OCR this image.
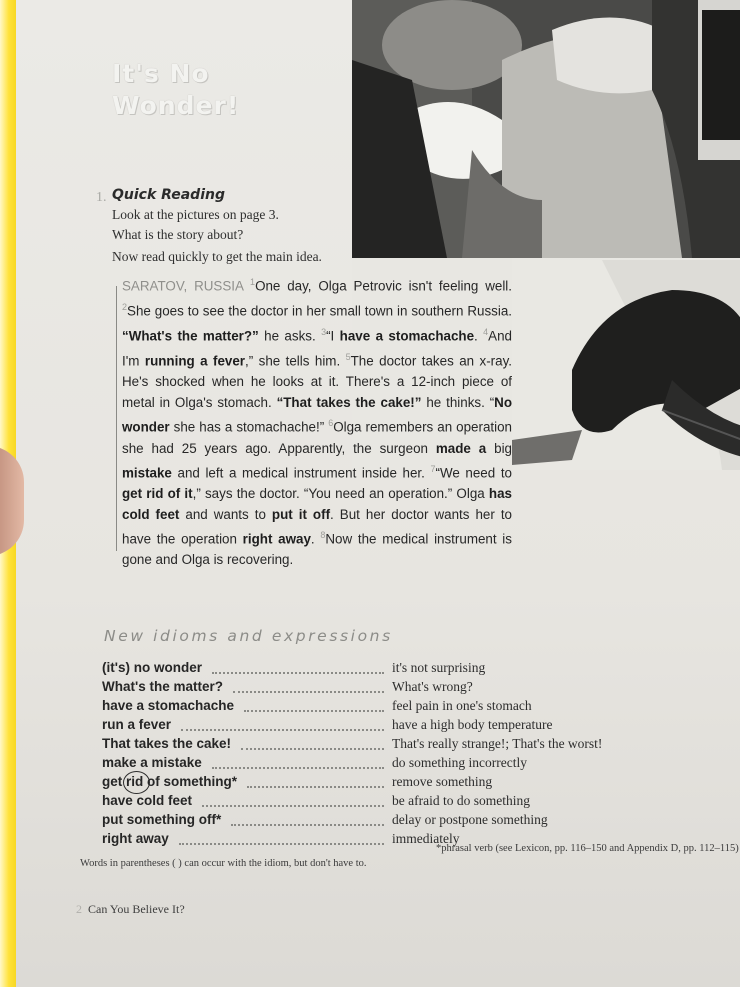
It's No
Wonder!
1. Quick Reading
Look at the pictures on page 3.
What is the story about?
Now read quickly to get the main idea.
SARATOV, RUSSIA $^1$One day, Olga Petrovic isn't feeling well. $^2$She goes to see the doctor in her small town in southern Russia. “What's the matter?” he asks. $^3$“I have a stomachache. $^4$And I'm running a fever,” she tells him. $^5$The doctor takes an x-ray. He's shocked when he looks at it. There's a 12-inch piece of metal in Olga's stomach. “That takes the cake!” he thinks. “No wonder she has a stomachache!” $^6$Olga remembers an operation she had 25 years ago. Apparently, the surgeon made a big mistake and left a medical instrument inside her. $^7$“We need to get rid of it,” says the doctor. “You need an operation.” Olga has cold feet and wants to put it off. But her doctor wants her to have the operation right away. $^8$Now the medical instrument is gone and Olga is recovering.
New idioms and expressions
(it's) no wonder	it's not surprising
What's the matter?	What's wrong?
have a stomachache	feel pain in one's stomach
run a fever	have a high body temperature
That takes the cake!	That's really strange!; That's the worst!
make a mistake	do something incorrectly
get rid of something*	remove something
have cold feet	be afraid to do something
put something off*	delay or postpone something
right away	immediately
Words in parentheses ( ) can occur with the idiom, but don't have to.
*phrasal verb (see Lexicon, pp. 116–150 and Appendix D, pp. 112–115)
2 Can You Believe It?
